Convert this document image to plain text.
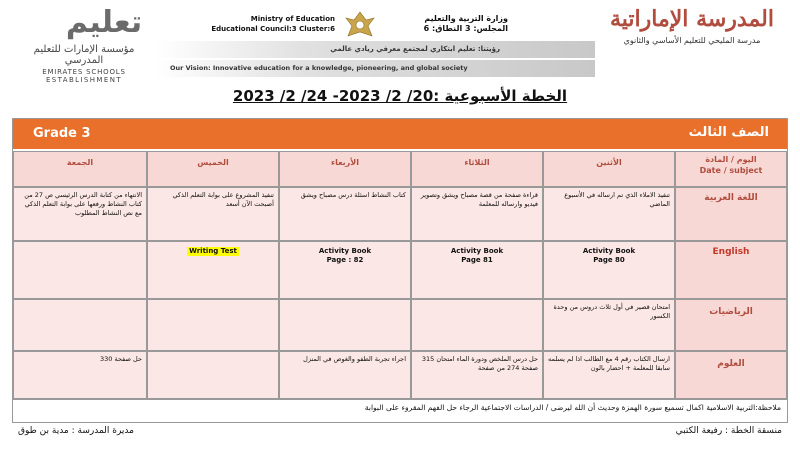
تعليم
مؤسسة الإمارات للتعليم المدرسي
EMIRATES SCHOOLS
ESTABLISHMENT
Ministry of Education
Educational Council:3 Cluster:6
وزارة التربية والتعليم
المجلس: 3 النطاق: 6
رؤيتنا: تعليم ابتكاري لمجتمع معرفي ريادي عالمي
Our Vision: Innovative education for a knowledge, pioneering, and global society
المدرسة الإماراتية
مدرسة المليحي للتعليم الأساسي والثانوي
2023 /2 /24 -2023 /2 /20: الخطة الأسبوعية
Grade 3	الصف الثالث
اليوم / المادة
Date / subject
الأثنين
الثلاثاء
الأربعاء
الخميس
الجمعة
اللغة العربية
تنفيذ الاملاء الذي تم ارساله في الأسبوع الماضي
قراءة صفحة من قصة مصباح ويشق وتصوير فيديو وارساله للمعلمة
كتاب النشاط اسئلة درس مصباح ويشق
تنفيذ المشروع على بوابة التعلم الذكي أصبحت الآن أسعد
الانتهاء من كتابة الدرس الرئيسي ص 27 من كتاب النشاط ورفعها على بوابة التعلم الذكي مع نص النشاط المطلوب
English
Activity Book
Page 80
Activity Book
Page 81
Activity Book
Page : 82
Writing Test
الرياضيات
امتحان قصير في أول ثلاث دروس من وحدة الكسور
العلوم
ارسال الكتاب رقم 4 مع الطالب اذا لم يسلمه سابقا للمعلمة + احضار بالون
حل درس الملخص ودورة الماء امتحان 315 صفحة 274 من صفحة
اجراء تجربة الطفو والغوص في المنزل
حل صفحة 330
ملاحظة:التربية الاسلامية اكمال تسميع سورة الهمزة وحديث أن الله ليرضى / الدراسات الاجتماعية الرجاء حل الفهم المقروء على البوابة
مديرة المدرسة : مدية بن طوق	منسقة الخطة : رفيعة الكتبي
